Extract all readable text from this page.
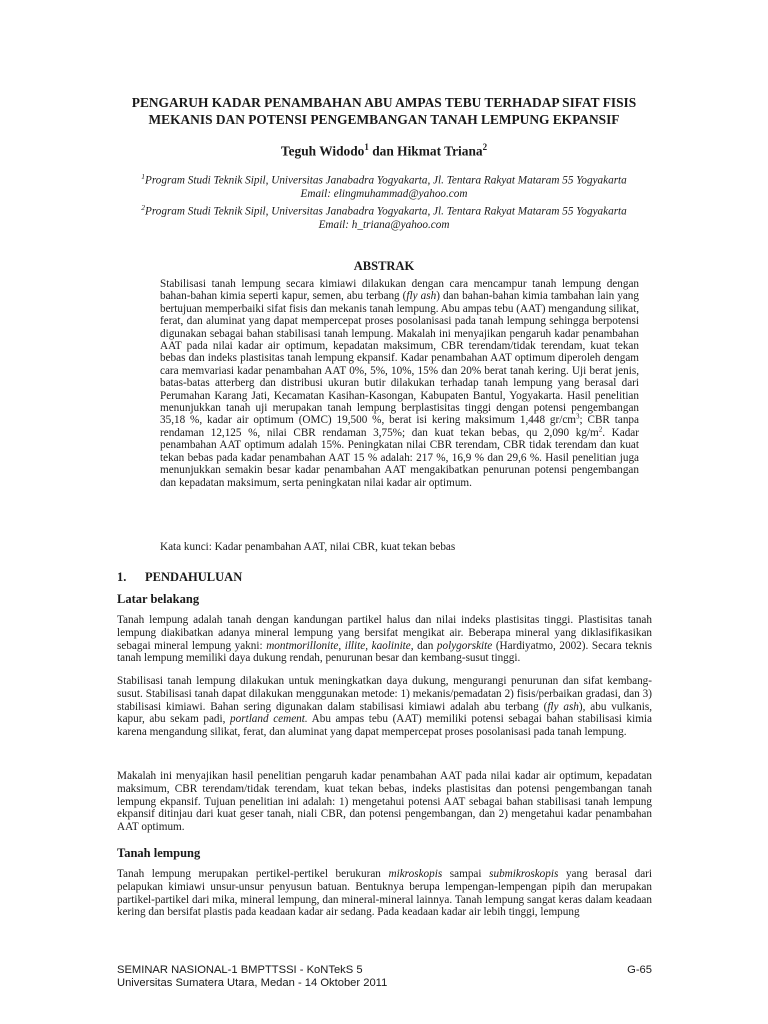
PENGARUH KADAR PENAMBAHAN ABU AMPAS TEBU TERHADAP SIFAT FISIS
MEKANIS DAN POTENSI PENGEMBANGAN TANAH LEMPUNG EKPANSIF
Teguh Widodo$^1$ dan Hikmat Triana$^2$
$^1$Program Studi Teknik Sipil, Universitas Janabadra Yogyakarta, Jl. Tentara Rakyat Mataram 55 Yogyakarta
Email: elingmuhammad@yahoo.com
$^2$Program Studi Teknik Sipil, Universitas Janabadra Yogyakarta, Jl. Tentara Rakyat Mataram 55 Yogyakarta
Email: h_triana@yahoo.com
ABSTRAK
Stabilisasi tanah lempung secara kimiawi dilakukan dengan cara mencampur tanah lempung dengan bahan-bahan kimia seperti kapur, semen, abu terbang (fly ash) dan bahan-bahan kimia tambahan lain yang bertujuan memperbaiki sifat fisis dan mekanis tanah lempung. Abu ampas tebu (AAT) mengandung silikat, ferat, dan aluminat yang dapat mempercepat proses posolanisasi pada tanah lempung sehingga berpotensi digunakan sebagai bahan stabilisasi tanah lempung. Makalah ini menyajikan pengaruh kadar penambahan AAT pada nilai kadar air optimum, kepadatan maksimum, CBR terendam/tidak terendam, kuat tekan bebas dan indeks plastisitas tanah lempung ekpansif. Kadar penambahan AAT optimum diperoleh dengam cara memvariasi kadar penambahan AAT 0%, 5%, 10%, 15% dan 20% berat tanah kering. Uji berat jenis, batas-batas atterberg dan distribusi ukuran butir dilakukan terhadap tanah lempung yang berasal dari Perumahan Karang Jati, Kecamatan Kasihan-Kasongan, Kabupaten Bantul, Yogyakarta. Hasil penelitian menunjukkan tanah uji merupakan tanah lempung berplastisitas tinggi dengan potensi pengembangan 35,18 %, kadar air optimum (OMC) 19,500 %, berat isi kering maksimum 1,448 $gr/cm^3$; CBR tanpa rendaman 12,125 %, nilai CBR rendaman 3,75%; dan kuat tekan bebas, qu 2,090 $kg/m^2$. Kadar penambahan AAT optimum adalah 15%. Peningkatan nilai CBR terendam, CBR tidak terendam dan kuat tekan bebas pada kadar penambahan AAT 15 % adalah: 217 %, 16,9 % dan 29,6 %. Hasil penelitian juga menunjukkan semakin besar kadar penambahan AAT mengakibatkan penurunan potensi pengembangan dan kepadatan maksimum, serta peningkatan nilai kadar air optimum.
Kata kunci: Kadar penambahan AAT, nilai CBR, kuat tekan bebas
1. PENDAHULUAN
Latar belakang
Tanah lempung adalah tanah dengan kandungan partikel halus dan nilai indeks plastisitas tinggi. Plastisitas tanah lempung diakibatkan adanya mineral lempung yang bersifat mengikat air. Beberapa mineral yang diklasifikasikan sebagai mineral lempung yakni: montmorillonite, illite, kaolinite, dan polygorskite (Hardiyatmo, 2002). Secara teknis tanah lempung memiliki daya dukung rendah, penurunan besar dan kembang-susut tinggi.
Stabilisasi tanah lempung dilakukan untuk meningkatkan daya dukung, mengurangi penurunan dan sifat kembang-susut. Stabilisasi tanah dapat dilakukan menggunakan metode: 1) mekanis/pemadatan 2) fisis/perbaikan gradasi, dan 3) stabilisasi kimiawi. Bahan sering digunakan dalam stabilisasi kimiawi adalah abu terbang (fly ash), abu vulkanis, kapur, abu sekam padi, portland cement. Abu ampas tebu (AAT) memiliki potensi sebagai bahan stabilisasi kimia karena mengandung silikat, ferat, dan aluminat yang dapat mempercepat proses posolanisasi pada tanah lempung.
Makalah ini menyajikan hasil penelitian pengaruh kadar penambahan AAT pada nilai kadar air optimum, kepadatan maksimum, CBR terendam/tidak terendam, kuat tekan bebas, indeks plastisitas dan potensi pengembangan tanah lempung ekpansif. Tujuan penelitian ini adalah: 1) mengetahui potensi AAT sebagai bahan stabilisasi tanah lempung ekpansif ditinjau dari kuat geser tanah, niali CBR, dan potensi pengembangan, dan 2) mengetahui kadar penambahan AAT optimum.
Tanah lempung
Tanah lempung merupakan pertikel-pertikel berukuran mikroskopis sampai submikroskopis yang berasal dari pelapukan kimiawi unsur-unsur penyusun batuan. Bentuknya berupa lempengan-lempengan pipih dan merupakan partikel-partikel dari mika, mineral lempung, dan mineral-mineral lainnya. Tanah lempung sangat keras dalam keadaan kering dan bersifat plastis pada keadaan kadar air sedang. Pada keadaan kadar air lebih tinggi, lempung
SEMINAR NASIONAL-1 BMPTTSSI - KoNTekS 5
Universitas Sumatera Utara, Medan - 14 Oktober 2011
G-65
